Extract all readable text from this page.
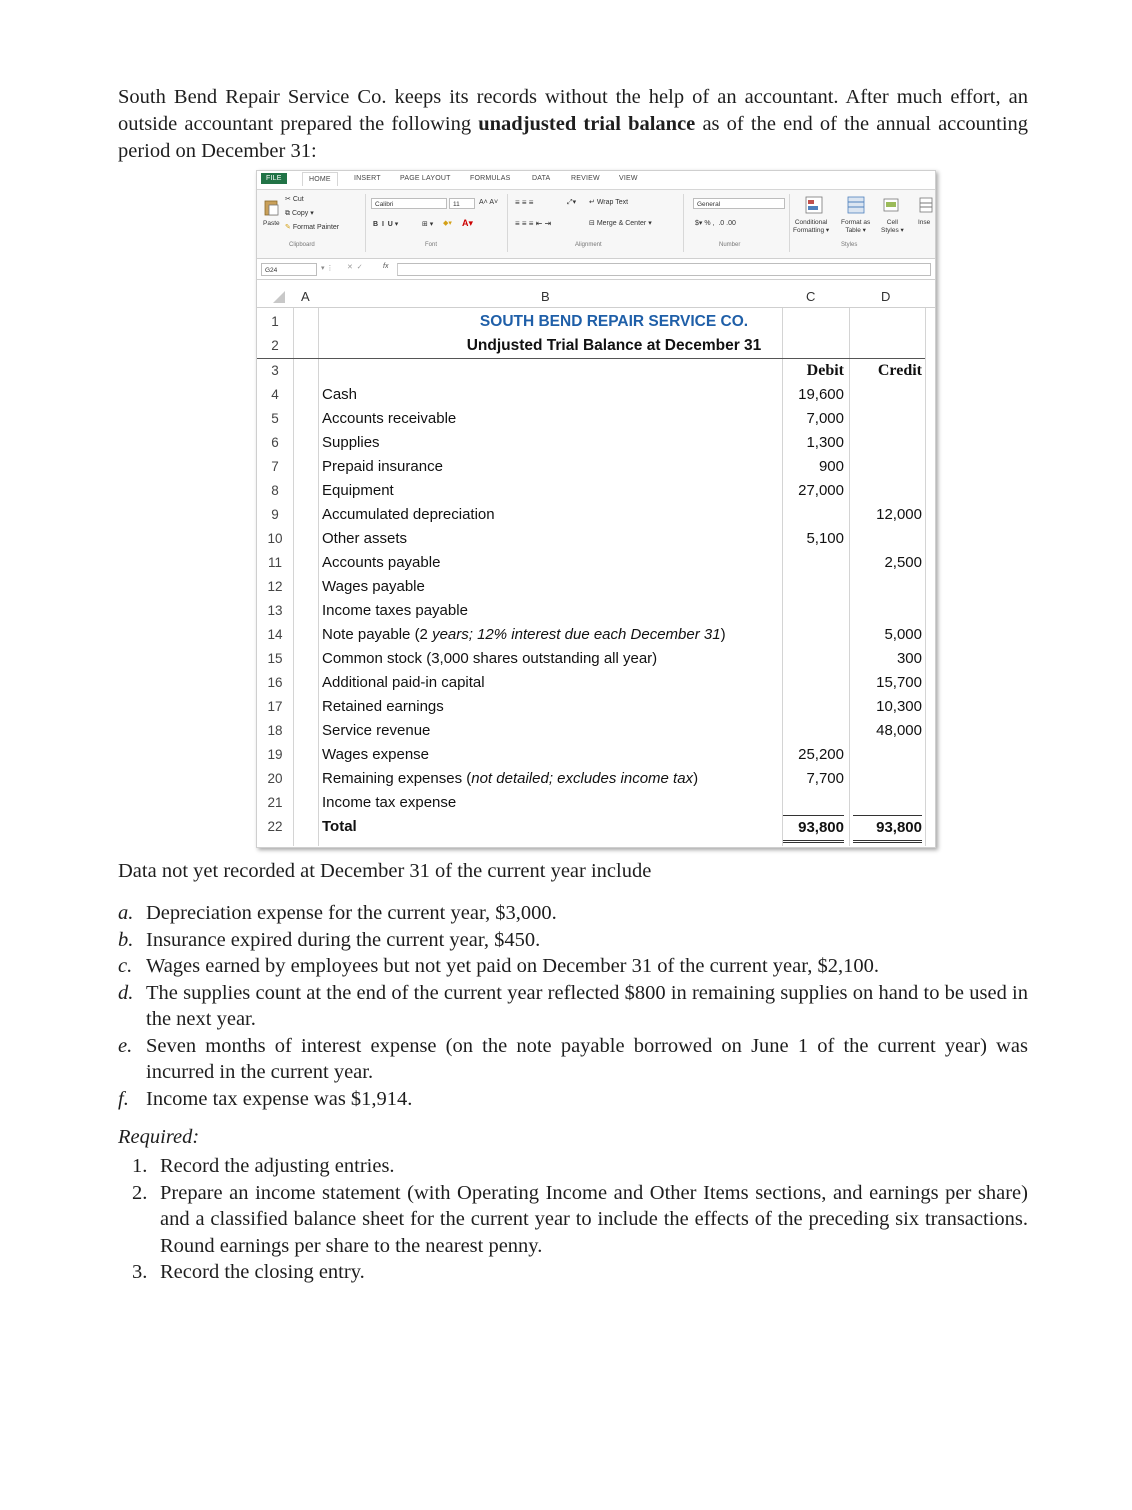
South Bend Repair Service Co. keeps its records without the help of an accountant. After much effort, an outside accountant prepared the following unadjusted trial balance as of the end of the annual accounting period on December 31:

FILE	HOME	INSERT	PAGE LAYOUT	FORMULAS	DATA	REVIEW	VIEW
Paste
✂ Cut
⧉ Copy ▾
✎ Format Painter
Clipboard
Calibri	11	A˄ A˅
B  I  U ▾	⊞ ▾ ◆▾ A▾
Font
≡ ≡ ≡
≡ ≡ ≡ ⇤ ⇥
⤢▾ ↵ Wrap Text
⊟ Merge & Center ▾
Alignment
General
$▾ % ,  .0 .00
Number
Conditional
Formatting ▾
Format as
Table ▾
Cell
Styles ▾
Inse
Styles
G24	▾ ⋮ ✕  ✓	fx
A	B	C	D
1	SOUTH BEND REPAIR SERVICE CO.
2	Undjusted Trial Balance at December 31
3	Debit	Credit
4	Cash	19,600
5	Accounts receivable	7,000
6	Supplies	1,300
7	Prepaid insurance	900
8	Equipment	27,000
9	Accumulated depreciation	12,000
10	Other assets	5,100
11	Accounts payable	2,500
12	Wages payable
13	Income taxes payable
14	Note payable (2 years; 12% interest due each December 31)	5,000
15	Common stock (3,000 shares outstanding all year)	300
16	Additional paid-in capital	15,700
17	Retained earnings	10,300
18	Service revenue	48,000
19	Wages expense	25,200
20	Remaining expenses (not detailed; excludes income tax)	7,700
21	Income tax expense
22	Total	93,800	93,800

Data not yet recorded at December 31 of the current year include

a. Depreciation expense for the current year, $3,000.
b. Insurance expired during the current year, $450.
c. Wages earned by employees but not yet paid on December 31 of the current year, $2,100.
d. The supplies count at the end of the current year reflected $800 in remaining supplies on hand to be used in the next year.
e. Seven months of interest expense (on the note payable borrowed on June 1 of the current year) was incurred in the current year.
f. Income tax expense was $1,914.

Required:

1. Record the adjusting entries.
2. Prepare an income statement (with Operating Income and Other Items sections, and earnings per share) and a classified balance sheet for the current year to include the effects of the preceding six transactions. Round earnings per share to the nearest penny.
3. Record the closing entry.
